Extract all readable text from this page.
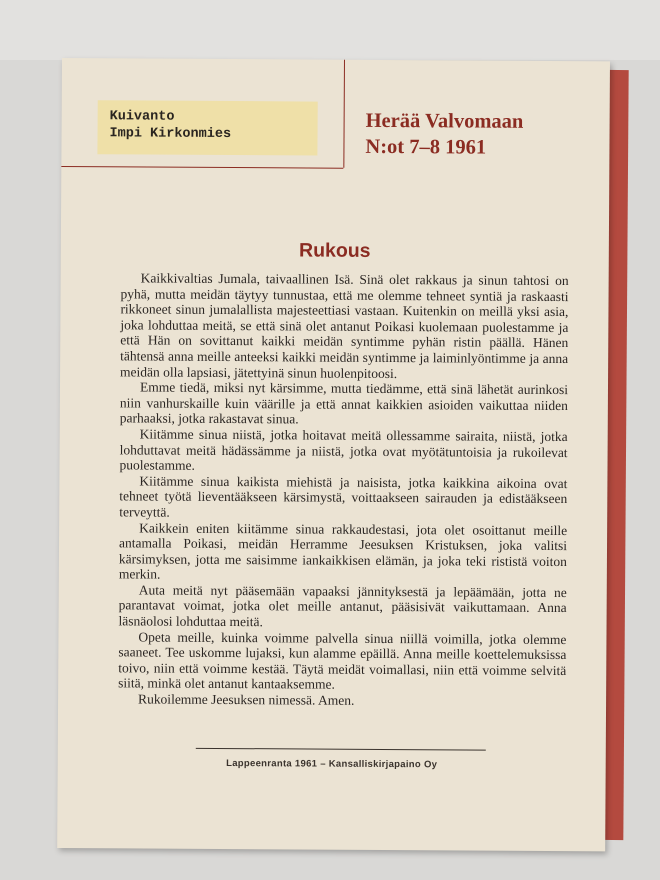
Kuivanto
Impi Kirkonmies
Herää Valvomaan
N:ot 7–8 1961
Rukous

Kaikkivaltias Jumala, taivaallinen Isä. Sinä olet rakkaus ja sinun tahtosi on pyhä, mutta meidän täytyy tunnustaa, että me olemme tehneet syntiä ja raskaasti rikkoneet sinun jumalallista majesteettiasi vastaan. Kuitenkin on meillä yksi asia, joka lohduttaa meitä, se että sinä olet antanut Poikasi kuolemaan puolestamme ja että Hän on sovittanut kaikki meidän syntimme pyhän ristin päällä. Hänen tähtensä anna meille anteeksi kaikki meidän syntimme ja laiminlyöntimme ja anna meidän olla lapsiasi, jätettyinä sinun huolenpitoosi.

Emme tiedä, miksi nyt kärsimme, mutta tiedämme, että sinä lähetät aurinkosi niin vanhurskaille kuin väärille ja että annat kaikkien asioiden vaikuttaa niiden parhaaksi, jotka rakastavat sinua.

Kiitämme sinua niistä, jotka hoitavat meitä ollessamme sairaita, niistä, jotka lohduttavat meitä hädässämme ja niistä, jotka ovat myötätuntoisia ja rukoilevat puolestamme.

Kiitämme sinua kaikista miehistä ja naisista, jotka kaikkina aikoina ovat tehneet työtä lieventääkseen kärsimystä, voittaakseen sairauden ja edistääkseen terveyttä.

Kaikkein eniten kiitämme sinua rakkaudestasi, jota olet osoittanut meille antamalla Poikasi, meidän Herramme Jeesuksen Kristuksen, joka valitsi kärsimyksen, jotta me saisimme iankaikkisen elämän, ja joka teki rististä voiton merkin.

Auta meitä nyt pääsemään vapaaksi jännityksestä ja lepäämään, jotta ne parantavat voimat, jotka olet meille antanut, pääsisivät vaikuttamaan. Anna läsnäolosi lohduttaa meitä.

Opeta meille, kuinka voimme palvella sinua niillä voimilla, jotka olemme saaneet. Tee uskomme lujaksi, kun alamme epäillä. Anna meille koettelemuksissa toivo, niin että voimme kestää. Täytä meidät voimallasi, niin että voimme selvitä siitä, minkä olet antanut kantaaksemme.

Rukoilemme Jeesuksen nimessä. Amen.

Lappeenranta 1961 – Kansalliskirjapaino Oy
